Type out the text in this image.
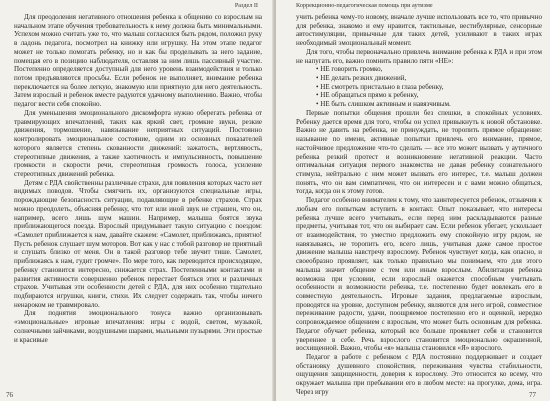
Раздел II

Для преодоления негативного отношения ребенка к общению со взрослым на начальном этапе обучения требовательность к нему должна быть минимальными. Успехом можно считать уже то, что малыш согласился быть рядом, положил руку в ладонь педагога, посмотрел на книжку или игрушку. На этом этапе педагог может не только помогать ребенку, но и как бы проделывать за него задание, помещая его в позицию наблюдателя, оставляя за ним лишь пассивный участие. Постепенно определяется доступный для него уровень взаимодействия и только потом предъявляются просьбы. Если ребенок не выполняет, внимание ребенка переключается на более легкую, знакомую или приятную для него деятельность. Затем взрослый и ребенок вместе радуются удачному выполнению. Важно, чтобы педагог вести себя спокойно.

Для уменьшения эмоционального дискомфорта нужно оберегать ребенка от травмирующих впечатлений, таких как яркий свет, громкие звуки, резкие движения, тормошение, навязывание неприятных ситуаций. Постоянно контролировать эмоциональное состояние, одним из основных показателей которого является степень скованности движений: зажатость, вертлявость, стереотипные движения, а также хаотичность и импульсивность, повышение громкости и скорости речи, стереотипная громкость голоса, усиление стереотипных движений ребенка.

Детям с РДА свойственны различные страхи, для появления которых часто нет видимых поводов. Чтобы смягчить их, организуются специальные игры, порождающие безопасность ситуации, подавляющие в ребенке страхов. Страх можно преодолеть, объясняя ребенку, что тот или иной звук не страшен, что он, например, всего лишь шум машин. Например, малыша боятся звука приближающегося поезда. Взрослый придумывает такую ситуацию с поездом: «Самолет приближается к нам, давайте скажем: «Самолет, приближаясь, приятно! Пусть ребенок слушает шум моторов. Вот как у нас с тобой разговор не приятный и слушать близко от меня. Он в такой разговор тебе звучит тише. Самолет, приближаясь к нам, гудит громче». По мере того, как переводится происходящее, ребенку становится интересно, снижается страх. Постепенными контактами и развития активности совершенно ребенок перестает бояться этих и различных страхов. Учитывая эти особенности детей с РДА, для них особенно тщательно подбираются игрушки, книги, стихи. Их следует содержать так, чтобы ничего ненароком не травмировало.

Для поднятия эмоционального тонуса важно организовывать «эмоциональные» игровые впечатления: игры с водой, светом, музыкой, солнечными зайчиками, воздушными шарами, мыльными пузырями. Эти простые и красивые

76
Коррекционно-педагогическая помощь при аутизме

учить ребенка чему-то новому, вначале лучше использовать все то, что привычно для ребенка, знакомо и ему нравится, тактильные, вестибулярные, сенсорные автостимуляции, привычные для таких детей, усиливают в таких играх необходимый эмоциональный момент.

Для того, чтобы первоначально привлечь внимание ребенка к РДА и при этом не напугать его, важно помнить правило пяти «НЕ»:

• НЕ говорить громко,
• НЕ делать резких движений,
• НЕ смотреть пристально в глаза ребенку,
• НЕ обращаться прямо к ребенку,
• НЕ быть слишком активным и навязчивым.

Первые попытки общения прошли без спешки, в спокойных условиях. Ребенку дается время для того, чтобы он успел привыкнуть к новой обстановке. Важно не давить на ребенка, не принуждать, не торопить прямое обращение: называние по имени, активные попытки привлечь его внимание, прямое, настойчивое предложение что-то сделать — все это может вызвать у аутичного ребенка резкий протест и возникновение негативной реакции. Часто оптимальная ситуация первого знакомства не давая ребенку сознательного стимула, нейтрально с ним может вызвать его интерес, т.е. малыш должен понять, что он вам симпатичен, что он интересен и с вами можно общаться, тогда, когда он к этому готов.

Педагог особенно внимателен к тому, что заинтересуется ребенок, отзывчив к любым его попыткам вступить в контакт. Опыт показывает, что интересы ребенка лучше всего учитывать, если перед ним раскладываются разные предметы, учитывая тот, что он выбирает сам. Если ребенок убегает, ускользает от взаимодействия, то уместно предложить ему спокойную игру рядом, не навязываясь, не торопить его, всего лишь, учитывая даже самое простое движение малыша навстречу взрослому. Ребенок чувствует когда, как опасно, и своеобразно проявляет, как только правильно мы понимаем, что для этого малыша значит общение с тем или иным взрослым. Абилитация ребенка возможна при условии, если взрослый окажется способным учитывать особенности и возможности ребенка, т.е. постепенно будет вовлекать его в совместную деятельность. Игровые задания, предлагаемые взрослым, проводятся на уровне, доступном ребенку, являются для него игрой, совместное переживание радости, удачи, поощряемое постепенно его и оценкой, нередко сопровождаемое общением с взрослым, что может быть основным для ребенка. Педагог обучает ребенка, который все больше проявляет себя и становится увереннее в себе. Речь взрослого становится эмоционально окрашенной, восхищенной. Важно, чтобы «я» малыша становился «Я» взрослого.

Педагог в работе с ребенком с РДА постоянно поддерживает и создает обстановку душевного спокойствия, переживания чувства стабильности, ощущения защищенности, доверия к взрослому. Это относится ко всему, что окружает малыша при пребывании его в любом месте: на прогулке, дома, игра. Через игру	77
